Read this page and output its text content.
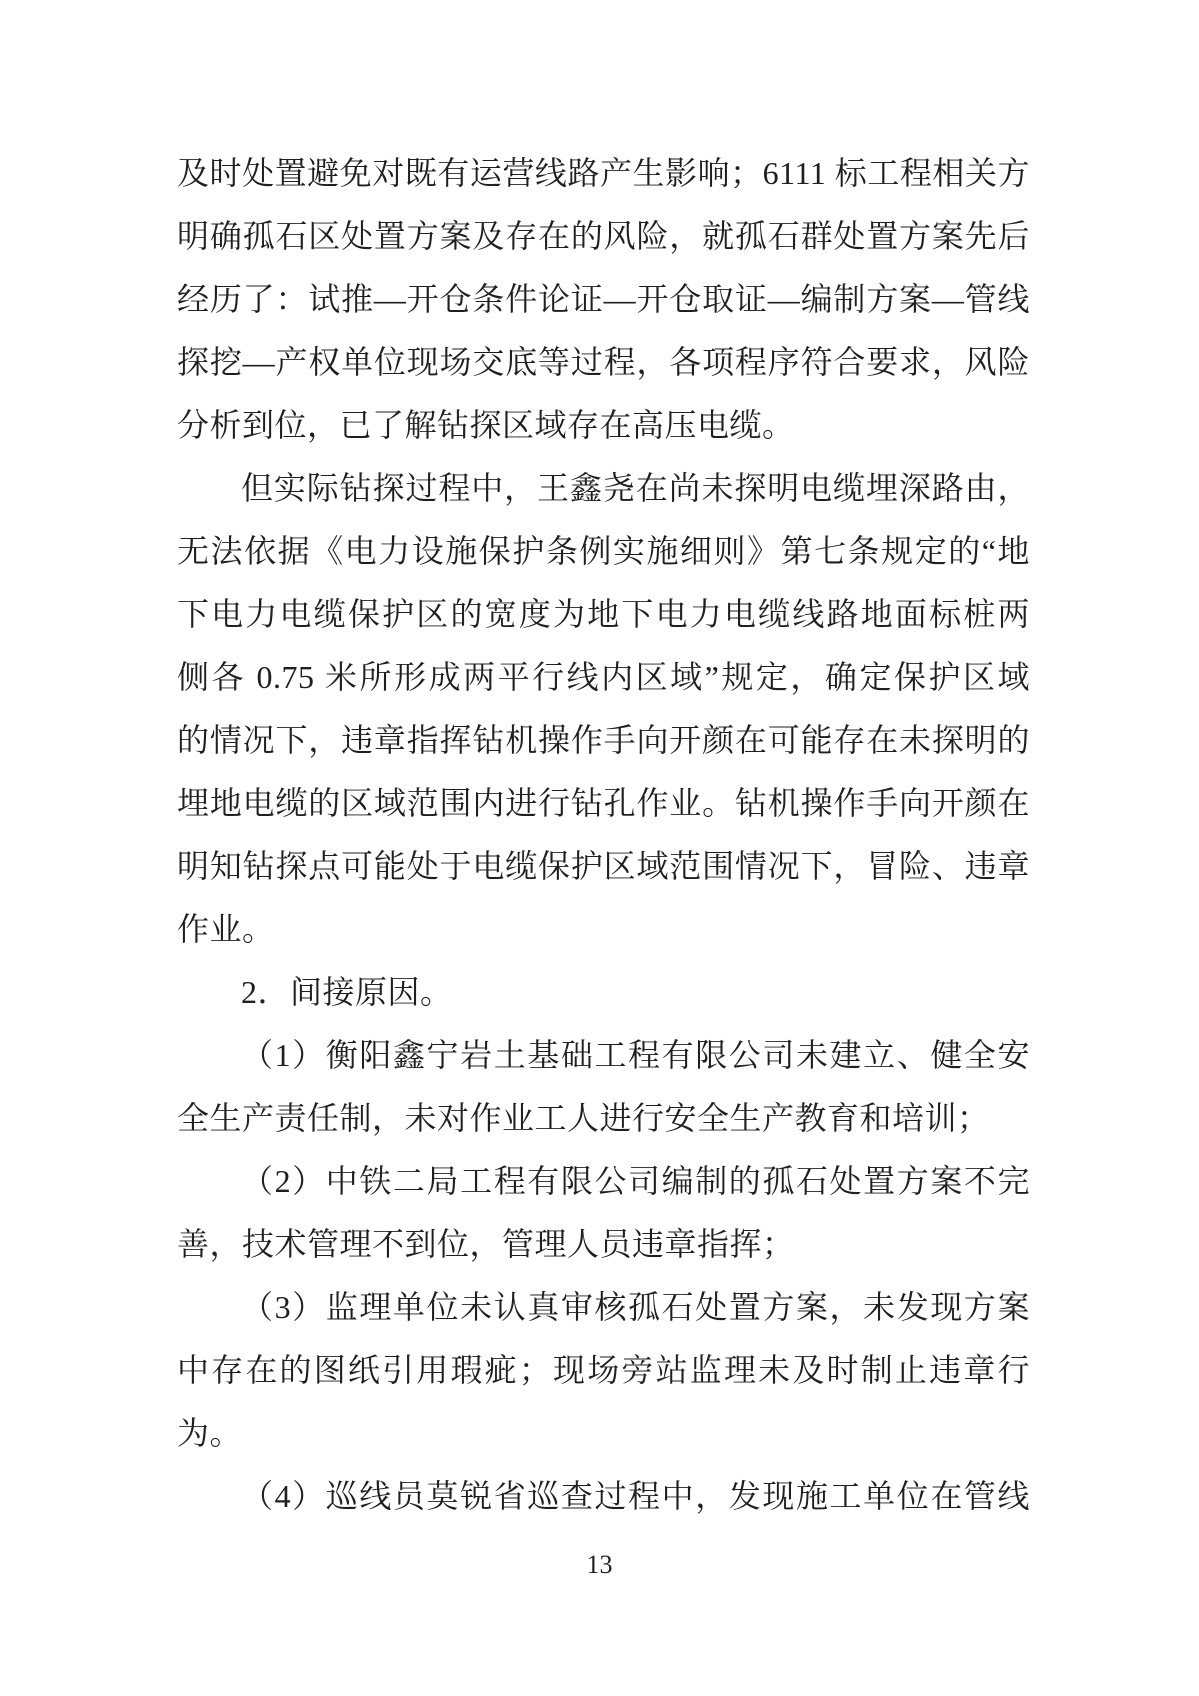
及时处置避免对既有运营线路产生影响；6111 标工程相关方
明确孤石区处置方案及存在的风险，就孤石群处置方案先后
经历了：试推—开仓条件论证—开仓取证—编制方案—管线
探挖—产权单位现场交底等过程，各项程序符合要求，风险
分析到位，已了解钻探区域存在高压电缆。
但实际钻探过程中，王鑫尧在尚未探明电缆埋深路由，
无法依据《电力设施保护条例实施细则》第七条规定的“地
下电力电缆保护区的宽度为地下电力电缆线路地面标桩两
侧各 0.75 米所形成两平行线内区域”规定，确定保护区域
的情况下，违章指挥钻机操作手向开颜在可能存在未探明的
埋地电缆的区域范围内进行钻孔作业。钻机操作手向开颜在
明知钻探点可能处于电缆保护区域范围情况下，冒险、违章
作业。
2．间接原因。
（1）衡阳鑫宁岩土基础工程有限公司未建立、健全安
全生产责任制，未对作业工人进行安全生产教育和培训；
（2）中铁二局工程有限公司编制的孤石处置方案不完
善，技术管理不到位，管理人员违章指挥；
（3）监理单位未认真审核孤石处置方案，未发现方案
中存在的图纸引用瑕疵；现场旁站监理未及时制止违章行
为。
（4）巡线员莫锐省巡查过程中，发现施工单位在管线
13
